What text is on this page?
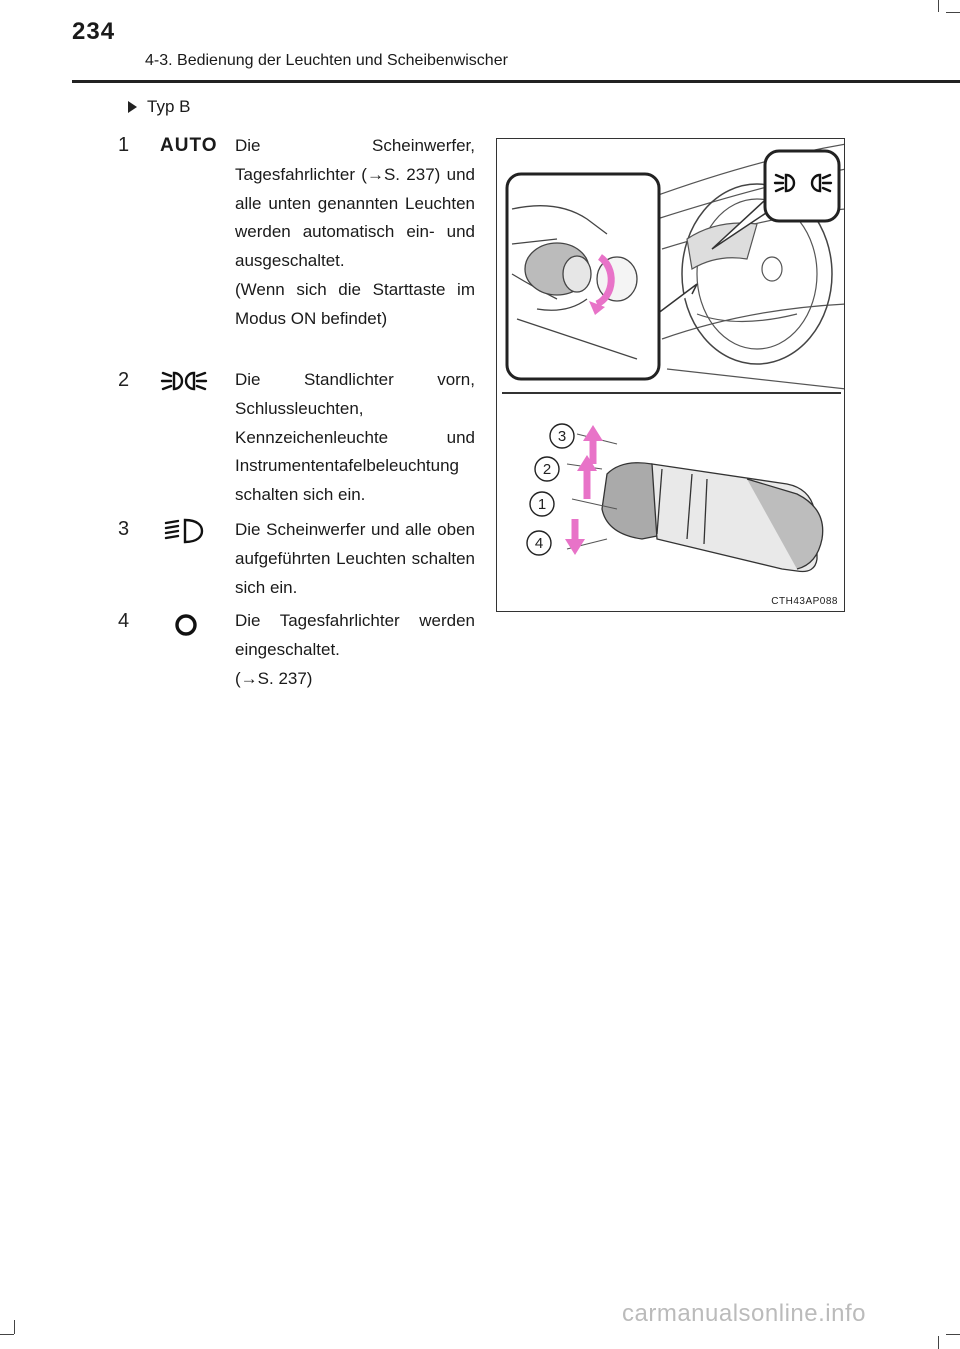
234
4-3. Bedienung der Leuchten und Scheibenwischer
Typ B
1	AUTO Die Scheinwerfer, Tagesfahrlichter (→S. 237) und alle unten genannten Leuchten werden automatisch ein- und ausgeschaltet.
(Wenn sich die Starttaste im Modus ON befindet)
2	Die Standlichter vorn, Schlussleuchten, Kennzeichenleuchte und Instrumententafelbeleuchtung schalten sich ein.
3	Die Scheinwerfer und alle oben aufgeführten Leuchten schalten sich ein.
4	Die Tagesfahrlichter werden eingeschaltet.
(→S. 237)
3
2
1
4
CTH43AP088
carmanualsonline.info
